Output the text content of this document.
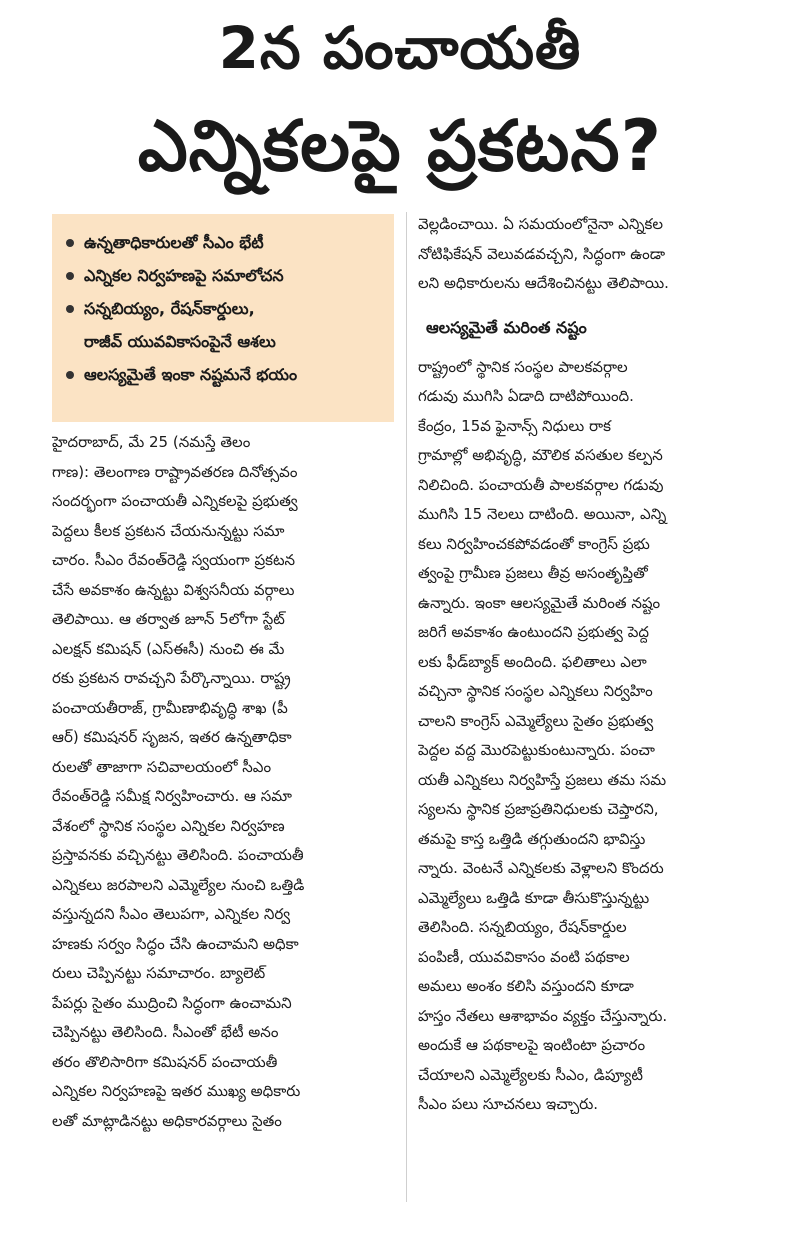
2న పంచాయతీ
ఎన్నికలపై ప్రకటన?
ఉన్నతాధికారులతో సీఎం భేటీ
ఎన్నికల నిర్వహణపై సమాలోచన
సన్నబియ్యం, రేషన్‌కార్డులు,
రాజీవ్ యువవికాసంపైనే ఆశలు
ఆలస్యమైతే ఇంకా నష్టమనే భయం
హైదరాబాద్, మే 25 (నమస్తే తెలం
గాణ): తెలంగాణ రాష్ట్రావతరణ దినోత్సవం
సందర్భంగా పంచాయతీ ఎన్నికలపై ప్రభుత్వ
పెద్దలు కీలక ప్రకటన చేయనున్నట్టు సమా
చారం. సీఎం రేవంత్‌రెడ్డి స్వయంగా ప్రకటన
చేసే అవకాశం ఉన్నట్టు విశ్వసనీయ వర్గాలు
తెలిపాయి. ఆ తర్వాత జూన్ 5లోగా స్టేట్
ఎలక్షన్ కమిషన్ (ఎస్ఈసీ) నుంచి ఈ మే
రకు ప్రకటన రావచ్చని పేర్కొన్నాయి. రాష్ట్ర
పంచాయతీరాజ్, గ్రామీణాభివృద్ధి శాఖ (పీ
ఆర్) కమిషనర్ సృజన, ఇతర ఉన్నతాధికా
రులతో తాజాగా సచివాలయంలో సీఎం
రేవంత్‌రెడ్డి సమీక్ష నిర్వహించారు. ఆ సమా
వేశంలో స్థానిక సంస్థల ఎన్నికల నిర్వహణ
ప్రస్తావనకు వచ్చినట్టు తెలిసింది. పంచాయతీ
ఎన్నికలు జరపాలని ఎమ్మెల్యేల నుంచి ఒత్తిడి
వస్తున్నదని సీఎం తెలుపగా, ఎన్నికల నిర్వ
హణకు సర్వం సిద్ధం చేసి ఉంచామని అధికా
రులు చెప్పినట్టు సమాచారం. బ్యాలెట్
పేపర్లు సైతం ముద్రించి సిద్ధంగా ఉంచామని
చెప్పినట్టు తెలిసింది. సీఎంతో భేటీ అనం
తరం తొలిసారిగా కమిషనర్ పంచాయతీ
ఎన్నికల నిర్వహణపై ఇతర ముఖ్య అధికారు
లతో మాట్లాడినట్టు అధికారవర్గాలు సైతం
వెల్లడించాయి. ఏ సమయంలోనైనా ఎన్నికల
నోటిఫికేషన్ వెలువడవచ్చని, సిద్ధంగా ఉండా
లని అధికారులను ఆదేశించినట్టు తెలిపాయి.
ఆలస్యమైతే మరింత నష్టం
రాష్ట్రంలో స్థానిక సంస్థల పాలకవర్గాల
గడువు ముగిసి ఏడాది దాటిపోయింది.
కేంద్రం, 15వ ఫైనాన్స్ నిధులు రాక
గ్రామాల్లో అభివృద్ధి, మౌలిక వసతుల కల్పన
నిలిచింది. పంచాయతీ పాలకవర్గాల గడువు
ముగిసి 15 నెలలు దాటింది. అయినా, ఎన్ని
కలు నిర్వహించకపోవడంతో కాంగ్రెస్ ప్రభు
త్వంపై గ్రామీణ ప్రజలు తీవ్ర అసంతృప్తితో
ఉన్నారు. ఇంకా ఆలస్యమైతే మరింత నష్టం
జరిగే అవకాశం ఉంటుందని ప్రభుత్వ పెద్ద
లకు ఫీడ్‌బ్యాక్ అందింది. ఫలితాలు ఎలా
వచ్చినా స్థానిక సంస్థల ఎన్నికలు నిర్వహిం
చాలని కాంగ్రెస్ ఎమ్మెల్యేలు సైతం ప్రభుత్వ
పెద్దల వద్ద మొరపెట్టుకుంటున్నారు. పంచా
యతీ ఎన్నికలు నిర్వహిస్తే ప్రజలు తమ సమ
స్యలను స్థానిక ప్రజాప్రతినిధులకు చెప్తారని,
తమపై కాస్త ఒత్తిడి తగ్గుతుందని భావిస్తు
న్నారు. వెంటనే ఎన్నికలకు వెళ్లాలని కొందరు
ఎమ్మెల్యేలు ఒత్తిడి కూడా తీసుకొస్తున్నట్టు
తెలిసింది. సన్నబియ్యం, రేషన్‌కార్డుల
పంపిణీ, యువవికాసం వంటి పథకాల
అమలు అంశం కలిసి వస్తుందని కూడా
హస్తం నేతలు ఆశాభావం వ్యక్తం చేస్తున్నారు.
అందుకే ఆ పథకాలపై ఇంటింటా ప్రచారం
చేయాలని ఎమ్మెల్యేలకు సీఎం, డిప్యూటీ
సీఎం పలు సూచనలు ఇచ్చారు.
